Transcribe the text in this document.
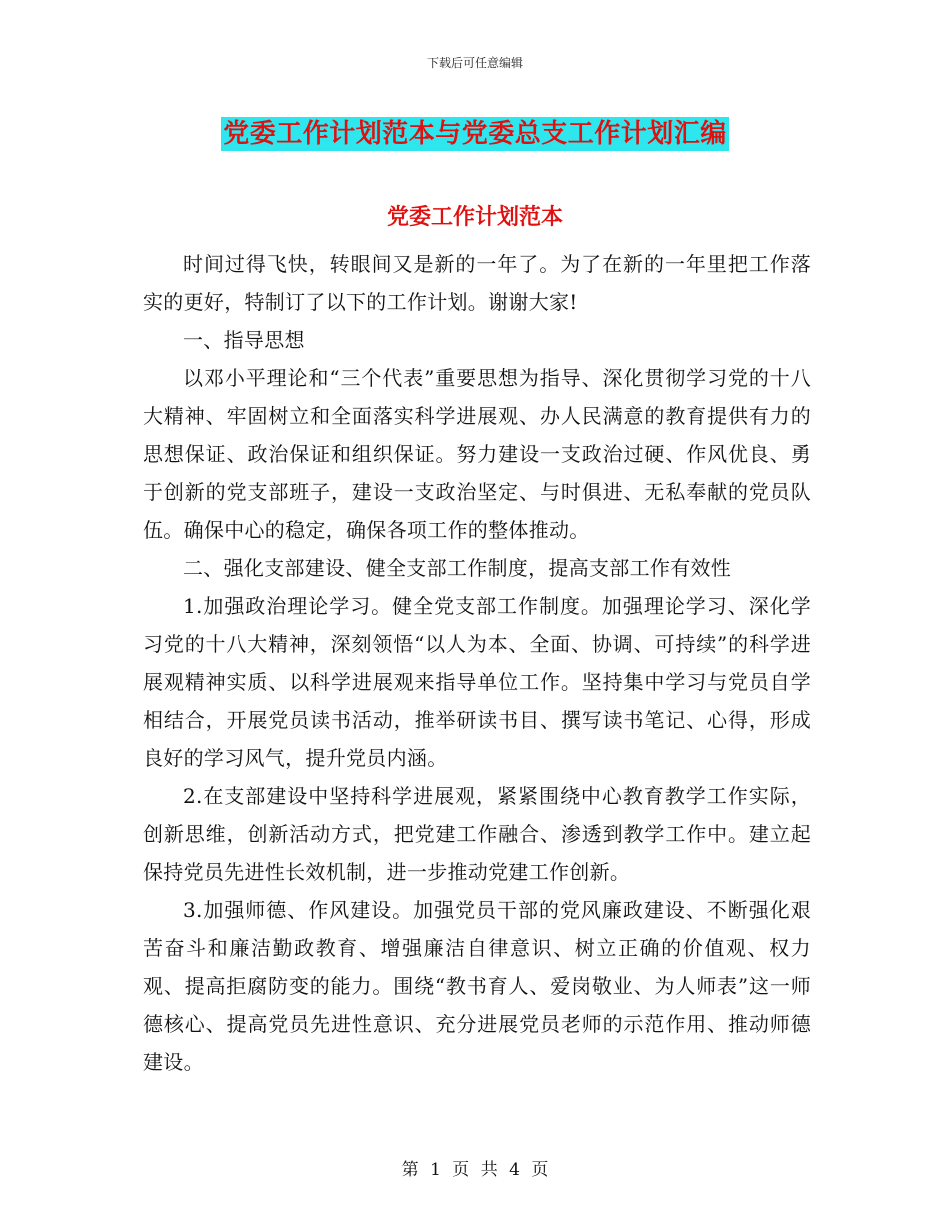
下载后可任意编辑
党委工作计划范本与党委总支工作计划汇编
党委工作计划范本

时间过得飞快，转眼间又是新的一年了。为了在新的一年里把工作落实的更好，特制订了以下的工作计划。谢谢大家!

一、指导思想

以邓小平理论和“三个代表”重要思想为指导、深化贯彻学习党的十八大精神、牢固树立和全面落实科学进展观、办人民满意的教育提供有力的思想保证、政治保证和组织保证。努力建设一支政治过硬、作风优良、勇于创新的党支部班子，建设一支政治坚定、与时俱进、无私奉献的党员队伍。确保中心的稳定，确保各项工作的整体推动。

二、强化支部建设、健全支部工作制度，提高支部工作有效性

1.加强政治理论学习。健全党支部工作制度。加强理论学习、深化学习党的十八大精神，深刻领悟“以人为本、全面、协调、可持续”的科学进展观精神实质、以科学进展观来指导单位工作。坚持集中学习与党员自学相结合，开展党员读书活动，推举研读书目、撰写读书笔记、心得，形成良好的学习风气，提升党员内涵。

2.在支部建设中坚持科学进展观，紧紧围绕中心教育教学工作实际，创新思维，创新活动方式，把党建工作融合、渗透到教学工作中。建立起保持党员先进性长效机制，进一步推动党建工作创新。

3.加强师德、作风建设。加强党员干部的党风廉政建设、不断强化艰苦奋斗和廉洁勤政教育、增强廉洁自律意识、树立正确的价值观、权力观、提高拒腐防变的能力。围绕“教书育人、爱岗敬业、为人师表”这一师德核心、提高党员先进性意识、充分进展党员老师的示范作用、推动师德建设。

第 1 页 共 4 页
